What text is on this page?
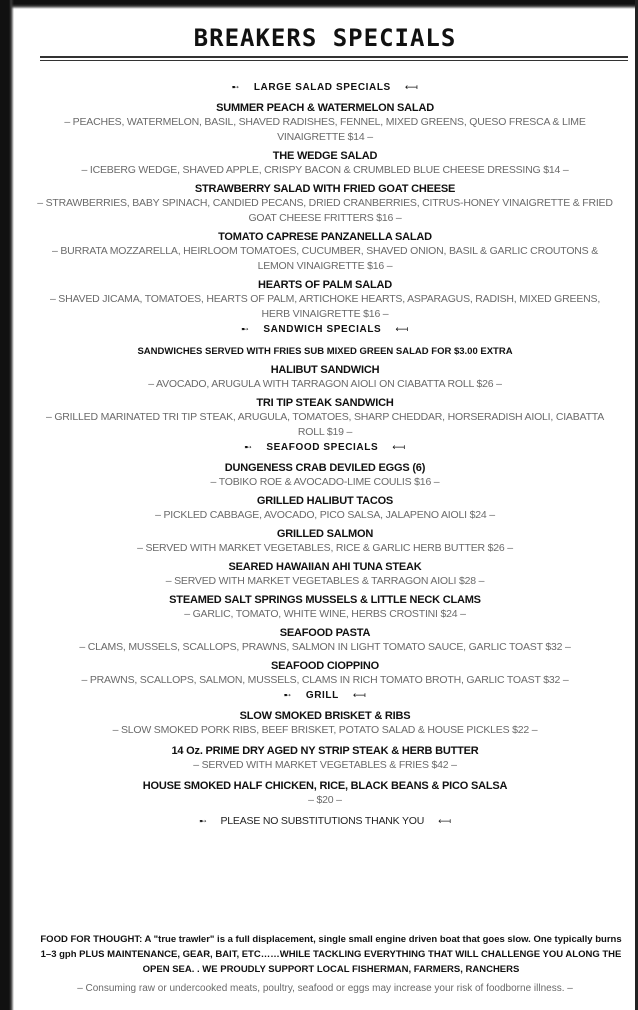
BREAKERS SPECIALS

➸ LARGE SALAD SPECIALS ⟻

SUMMER PEACH & WATERMELON SALAD

– PEACHES, WATERMELON, BASIL, SHAVED RADISHES, FENNEL, MIXED GREENS, QUESO FRESCA & LIME VINAIGRETTE $14 –

THE WEDGE SALAD

– ICEBERG WEDGE, SHAVED APPLE, CRISPY BACON & CRUMBLED BLUE CHEESE DRESSING $14 –

STRAWBERRY SALAD WITH FRIED GOAT CHEESE

– STRAWBERRIES, BABY SPINACH, CANDIED PECANS, DRIED CRANBERRIES, CITRUS-HONEY VINAIGRETTE & FRIED GOAT CHEESE FRITTERS $16 –

TOMATO CAPRESE PANZANELLA SALAD

– BURRATA MOZZARELLA, HEIRLOOM TOMATOES, CUCUMBER, SHAVED ONION, BASIL & GARLIC CROUTONS & LEMON VINAIGRETTE $16 –

HEARTS OF PALM SALAD

– SHAVED JICAMA, TOMATOES, HEARTS OF PALM, ARTICHOKE HEARTS, ASPARAGUS, RADISH, MIXED GREENS, HERB VINAIGRETTE $16 –

➸ SANDWICH SPECIALS ⟻

SANDWICHES SERVED WITH FRIES SUB MIXED GREEN SALAD FOR $3.00 EXTRA

HALIBUT SANDWICH

– AVOCADO, ARUGULA WITH TARRAGON AIOLI ON CIABATTA ROLL $26 –

TRI TIP STEAK SANDWICH

– GRILLED MARINATED TRI TIP STEAK, ARUGULA, TOMATOES, SHARP CHEDDAR, HORSERADISH AIOLI, CIABATTA ROLL $19 –

➸ SEAFOOD SPECIALS ⟻

DUNGENESS CRAB DEVILED EGGS (6)

– TOBIKO ROE & AVOCADO-LIME COULIS $16 –

GRILLED HALIBUT TACOS

– PICKLED CABBAGE, AVOCADO, PICO SALSA, JALAPENO AIOLI $24 –

GRILLED SALMON

– SERVED WITH MARKET VEGETABLES, RICE & GARLIC HERB BUTTER $26 –

SEARED HAWAIIAN AHI TUNA STEAK

– SERVED WITH MARKET VEGETABLES & TARRAGON AIOLI $28 –

STEAMED SALT SPRINGS MUSSELS & LITTLE NECK CLAMS

– GARLIC, TOMATO, WHITE WINE, HERBS CROSTINI $24 –

SEAFOOD PASTA

– CLAMS, MUSSELS, SCALLOPS, PRAWNS, SALMON IN LIGHT TOMATO SAUCE, GARLIC TOAST $32 –

SEAFOOD CIOPPINO

– PRAWNS, SCALLOPS, SALMON, MUSSELS, CLAMS IN RICH TOMATO BROTH, GARLIC TOAST $32 –

➸ GRILL ⟻

SLOW SMOKED BRISKET & RIBS

– SLOW SMOKED PORK RIBS, BEEF BRISKET, POTATO SALAD & HOUSE PICKLES $22 –

14 Oz. PRIME DRY AGED NY STRIP STEAK & HERB BUTTER

– SERVED WITH MARKET VEGETABLES & FRIES $42 –

HOUSE SMOKED HALF CHICKEN, RICE, BLACK BEANS & PICO SALSA

– $20 –

➸ PLEASE NO SUBSTITUTIONS THANK YOU ⟻

FOOD FOR THOUGHT: A "true trawler" is a full displacement, single small engine driven boat that goes slow. One typically burns 1–3 gph PLUS MAINTENANCE, GEAR, BAIT, ETC……WHILE TACKLING EVERYTHING THAT WILL CHALLENGE YOU ALONG THE OPEN SEA. . WE PROUDLY SUPPORT LOCAL FISHERMAN, FARMERS, RANCHERS

– Consuming raw or undercooked meats, poultry, seafood or eggs may increase your risk of foodborne illness. –
